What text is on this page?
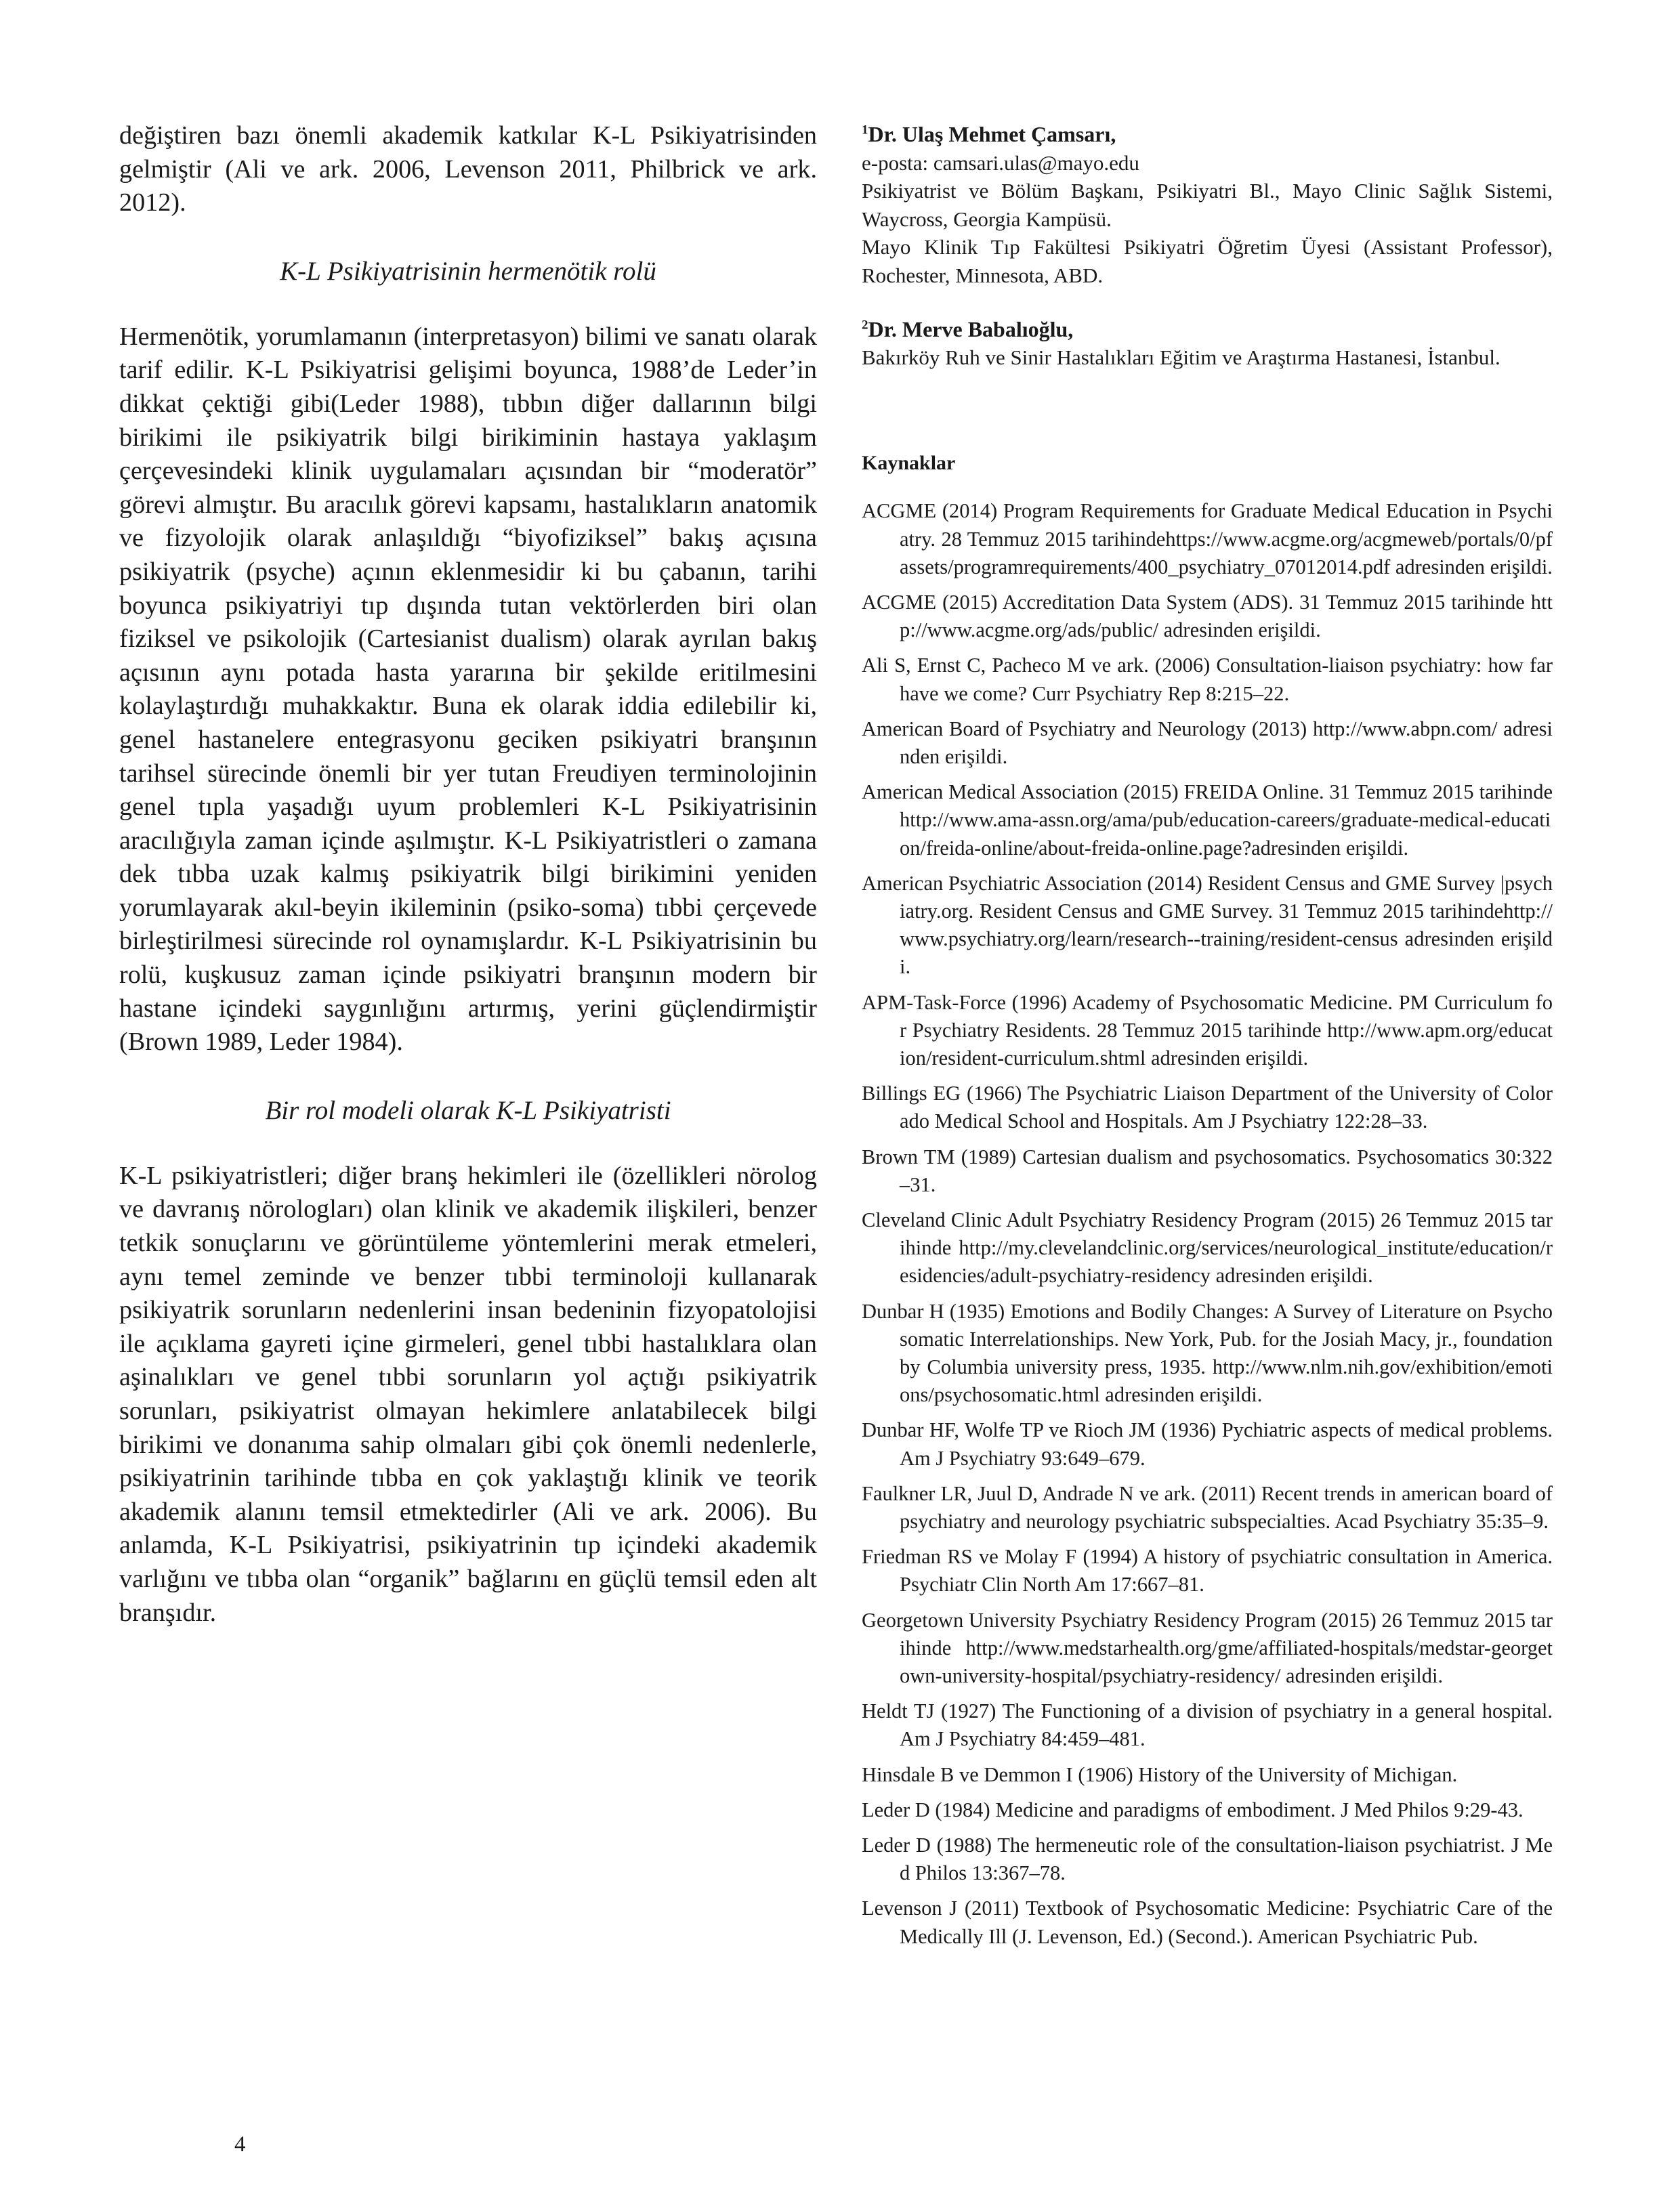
değiştiren bazı önemli akademik katkılar K-L Psikiyatrisinden gelmiştir (Ali ve ark. 2006, Levenson 2011, Philbrick ve ark. 2012).

K-L Psikiyatrisinin hermenötik rolü

Hermenötik, yorumlamanın (interpretasyon) bilimi ve sanatı olarak tarif edilir. K-L Psikiyatrisi gelişimi boyunca, 1988’de Leder’in dikkat çektiği gibi(Leder 1988), tıbbın diğer dallarının bilgi birikimi ile psikiyatrik bilgi birikiminin hastaya yaklaşım çerçevesindeki klinik uygulamaları açısından bir “moderatör” görevi almıştır. Bu aracılık görevi kapsamı, hastalıkların anatomik ve fizyolojik olarak anlaşıldığı “biyofiziksel” bakış açısına psikiyatrik (psyche) açının eklenmesidir ki bu çabanın, tarihi boyunca psikiyatriyi tıp dışında tutan vektörlerden biri olan fiziksel ve psikolojik (Cartesianist dualism) olarak ayrılan bakış açısının aynı potada hasta yararına bir şekilde eritilmesini kolaylaştırdığı muhakkaktır. Buna ek olarak iddia edilebilir ki, genel hastanelere entegrasyonu geciken psikiyatri branşının tarihsel sürecinde önemli bir yer tutan Freudiyen terminolojinin genel tıpla yaşadığı uyum problemleri K-L Psikiyatrisinin aracılığıyla zaman içinde aşılmıştır. K-L Psikiyatristleri o zamana dek tıbba uzak kalmış psikiyatrik bilgi birikimini yeniden yorumlayarak akıl-beyin ikileminin (psiko-soma) tıbbi çerçevede birleştirilmesi sürecinde rol oynamışlardır. K-L Psikiyatrisinin bu rolü, kuşkusuz zaman içinde psikiyatri branşının modern bir hastane içindeki saygınlığını artırmış, yerini güçlendirmiştir (Brown 1989, Leder 1984).

Bir rol modeli olarak K-L Psikiyatristi

K-L psikiyatristleri; diğer branş hekimleri ile (özellikleri nörolog ve davranış nörologları) olan klinik ve akademik ilişkileri, benzer tetkik sonuçlarını ve görüntüleme yöntemlerini merak etmeleri, aynı temel zeminde ve benzer tıbbi terminoloji kullanarak psikiyatrik sorunların nedenlerini insan bedeninin fizyopatolojisi ile açıklama gayreti içine girmeleri, genel tıbbi hastalıklara olan aşinalıkları ve genel tıbbi sorunların yol açtığı psikiyatrik sorunları, psikiyatrist olmayan hekimlere anlatabilecek bilgi birikimi ve donanıma sahip olmaları gibi çok önemli nedenlerle, psikiyatrinin tarihinde tıbba en çok yaklaştığı klinik ve teorik akademik alanını temsil etmektedirler (Ali ve ark. 2006). Bu anlamda, K-L Psikiyatrisi, psikiyatrinin tıp içindeki akademik varlığını ve tıbba olan “organik” bağlarını en güçlü temsil eden alt branşıdır.

$^1$Dr. Ulaş Mehmet Çamsarı,

e-posta: camsari.ulas@mayo.edu

Psikiyatrist ve Bölüm Başkanı, Psikiyatri Bl., Mayo Clinic Sağlık Sistemi, Waycross, Georgia Kampüsü.

Mayo Klinik Tıp Fakültesi Psikiyatri Öğretim Üyesi (Assistant Professor), Rochester, Minnesota, ABD.

$^2$Dr. Merve Babalıoğlu,

Bakırköy Ruh ve Sinir Hastalıkları Eğitim ve Araştırma Hastanesi, İstanbul.

Kaynaklar

ACGME (2014) Program Requirements for Graduate Medical Education in Psychiatry. 28 Temmuz 2015 tarihindehttps://www.acgme.org/acgmeweb/portals/0/pfassets/programrequirements/400_psychiatry_07012014.pdf adresinden erişildi.

ACGME (2015) Accreditation Data System (ADS). 31 Temmuz 2015 tarihinde http://www.acgme.org/ads/public/ adresinden erişildi.

Ali S, Ernst C, Pacheco M ve ark. (2006) Consultation-liaison psychiatry: how far have we come? Curr Psychiatry Rep 8:215–22.

American Board of Psychiatry and Neurology (2013) http://www.abpn.com/ adresinden erişildi.

American Medical Association (2015) FREIDA Online. 31 Temmuz 2015 tarihinde http://www.ama-assn.org/ama/pub/education-careers/graduate-medical-education/freida-online/about-freida-online.page?adresinden erişildi.

American Psychiatric Association (2014) Resident Census and GME Survey |psychiatry.org. Resident Census and GME Survey. 31 Temmuz 2015 tarihindehttp://www.psychiatry.org/learn/research--training/resident-census adresinden erişildi.

APM-Task-Force (1996) Academy of Psychosomatic Medicine. PM Curriculum for Psychiatry Residents. 28 Temmuz 2015 tarihinde http://www.apm.org/education/resident-curriculum.shtml adresinden erişildi.

Billings EG (1966) The Psychiatric Liaison Department of the University of Colorado Medical School and Hospitals. Am J Psychiatry 122:28–33.

Brown TM (1989) Cartesian dualism and psychosomatics. Psychosomatics 30:322–31.

Cleveland Clinic Adult Psychiatry Residency Program (2015) 26 Temmuz 2015 tarihinde http://my.clevelandclinic.org/services/neurological_institute/education/residencies/adult-psychiatry-residency adresinden erişildi.

Dunbar H (1935) Emotions and Bodily Changes: A Survey of Literature on Psychosomatic Interrelationships. New York, Pub. for the Josiah Macy, jr., foundation by Columbia university press, 1935. http://www.nlm.nih.gov/exhibition/emotions/psychosomatic.html adresinden erişildi.

Dunbar HF, Wolfe TP ve Rioch JM (1936) Pychiatric aspects of medical problems. Am J Psychiatry 93:649–679.

Faulkner LR, Juul D, Andrade N ve ark. (2011) Recent trends in american board of psychiatry and neurology psychiatric subspecialties. Acad Psychiatry 35:35–9.

Friedman RS ve Molay F (1994) A history of psychiatric consultation in America. Psychiatr Clin North Am 17:667–81.

Georgetown University Psychiatry Residency Program (2015) 26 Temmuz 2015 tarihinde http://www.medstarhealth.org/gme/affiliated-hospitals/medstar-georgetown-university-hospital/psychiatry-residency/ adresinden erişildi.

Heldt TJ (1927) The Functioning of a division of psychiatry in a general hospital. Am J Psychiatry 84:459–481.

Hinsdale B ve Demmon I (1906) History of the University of Michigan.

Leder D (1984) Medicine and paradigms of embodiment. J Med Philos 9:29-43.

Leder D (1988) The hermeneutic role of the consultation-liaison psychiatrist. J Med Philos 13:367–78.

Levenson J (2011) Textbook of Psychosomatic Medicine: Psychiatric Care of the Medically Ill (J. Levenson, Ed.) (Second.). American Psychiatric Pub.

4
